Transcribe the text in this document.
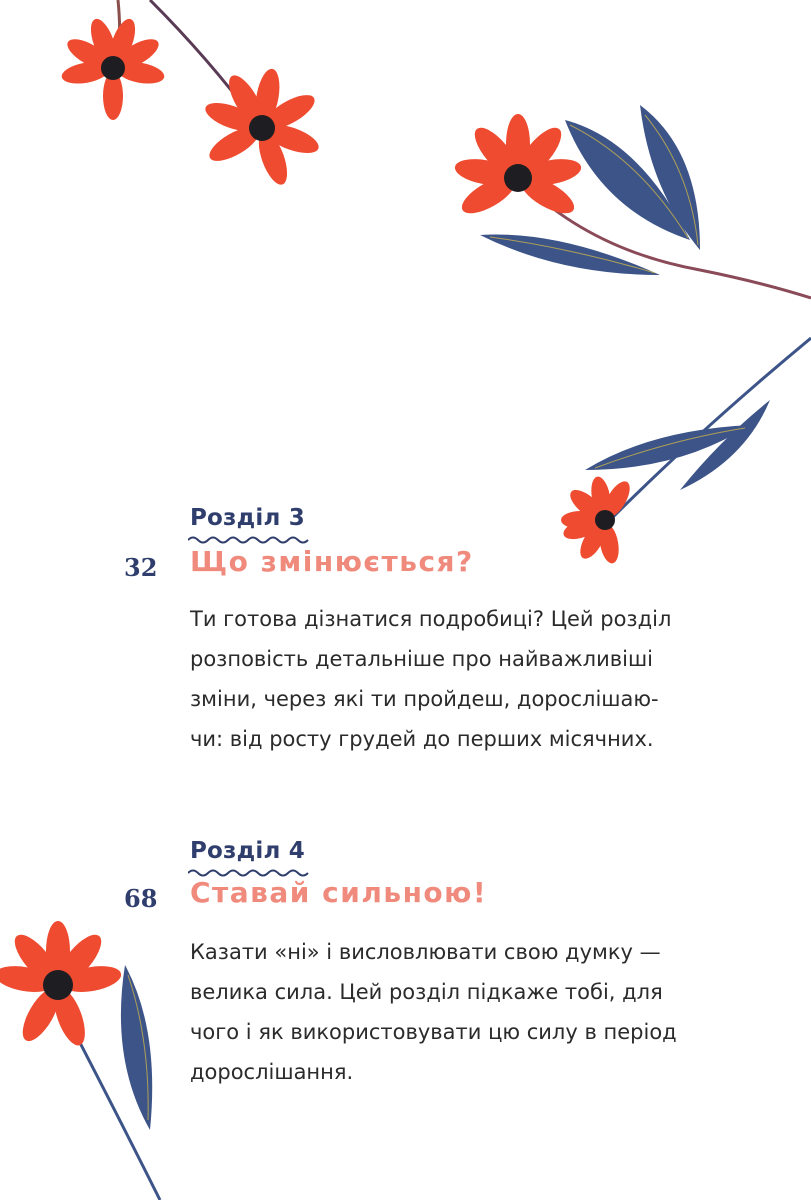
Розділ 3
32 Що змінюється?
Ти готова дізнатися подробиці? Цей розділ
розповість детальніше про найважливіші
зміни, через які ти пройдеш, дорослішаю-
чи: від росту грудей до перших місячних.
Розділ 4
68 Ставай сильною!
Казати «ні» і висловлювати свою думку —
велика сила. Цей розділ підкаже тобі, для
чого і як використовувати цю силу в період
дорослішання.
